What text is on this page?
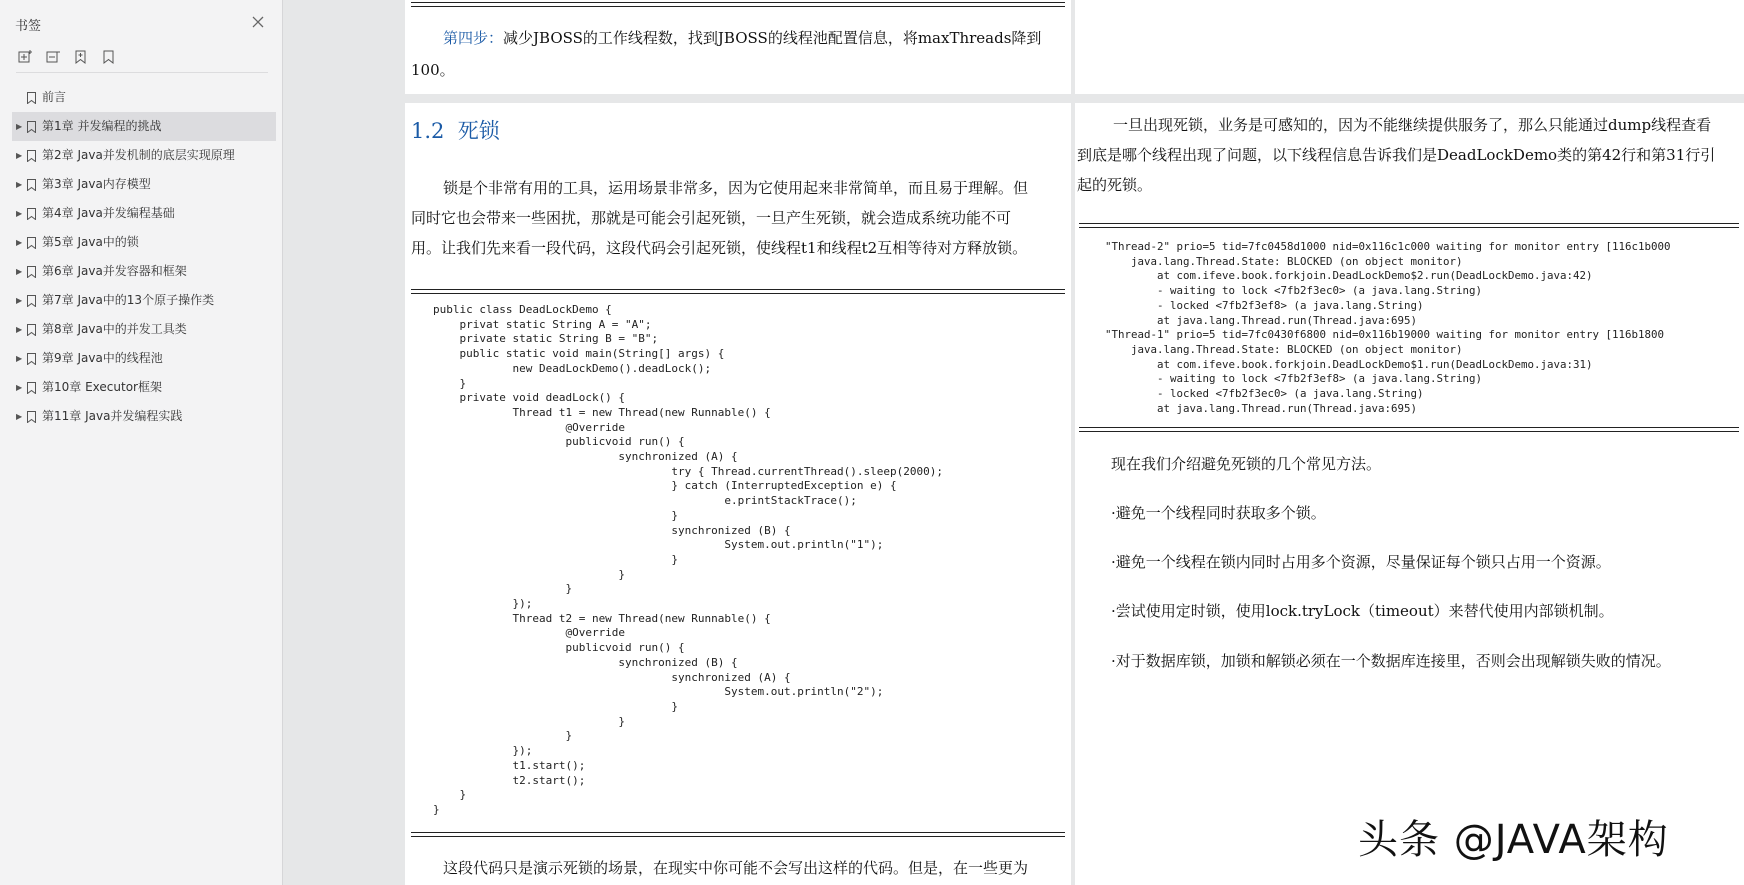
书签
前言
▶ 第1章 并发编程的挑战
▶ 第2章 Java并发机制的底层实现原理
▶ 第3章 Java内存模型
▶ 第4章 Java并发编程基础
▶ 第5章 Java中的锁
▶ 第6章 Java并发容器和框架
▶ 第7章 Java中的13个原子操作类
▶ 第8章 Java中的并发工具类
▶ 第9章 Java中的线程池
▶ 第10章 Executor框架
▶ 第11章 Java并发编程实践
第四步：减少JBOSS的工作线程数，找到JBOSS的线程池配置信息，将maxThreads降到
100。
1.2 死锁
锁是个非常有用的工具，运用场景非常多，因为它使用起来非常简单，而且易于理解。但
同时它也会带来一些困扰，那就是可能会引起死锁，一旦产生死锁，就会造成系统功能不可
用。让我们先来看一段代码，这段代码会引起死锁，使线程t1和线程t2互相等待对方释放锁。
public class DeadLockDemo {
privat static String A = "A";
private static String B = "B";
public static void main(String[] args) {
new DeadLockDemo().deadLock();
}
private void deadLock() {
Thread t1 = new Thread(new Runnable() {
@Override
publicvoid run() {
synchronized (A) {
try { Thread.currentThread().sleep(2000);
} catch (InterruptedException e) {
e.printStackTrace();
}
synchronized (B) {
System.out.println("1");
}
}
}
});
Thread t2 = new Thread(new Runnable() {
@Override
publicvoid run() {
synchronized (B) {
synchronized (A) {
System.out.println("2");
}
}
}
});
t1.start();
t2.start();
}
}
这段代码只是演示死锁的场景，在现实中你可能不会写出这样的代码。但是，在一些更为
一旦出现死锁，业务是可感知的，因为不能继续提供服务了，那么只能通过dump线程查看
到底是哪个线程出现了问题，以下线程信息告诉我们是DeadLockDemo类的第42行和第31行引
起的死锁。
"Thread-2" prio=5 tid=7fc0458d1000 nid=0x116c1c000 waiting for monitor entry [116c1b000
java.lang.Thread.State: BLOCKED (on object monitor)
at com.ifeve.book.forkjoin.DeadLockDemo$2.run(DeadLockDemo.java:42)
- waiting to lock <7fb2f3ec0> (a java.lang.String)
- locked <7fb2f3ef8> (a java.lang.String)
at java.lang.Thread.run(Thread.java:695)
"Thread-1" prio=5 tid=7fc0430f6800 nid=0x116b19000 waiting for monitor entry [116b1800
java.lang.Thread.State: BLOCKED (on object monitor)
at com.ifeve.book.forkjoin.DeadLockDemo$1.run(DeadLockDemo.java:31)
- waiting to lock <7fb2f3ef8> (a java.lang.String)
- locked <7fb2f3ec0> (a java.lang.String)
at java.lang.Thread.run(Thread.java:695)
现在我们介绍避免死锁的几个常见方法。
·避免一个线程同时获取多个锁。
·避免一个线程在锁内同时占用多个资源，尽量保证每个锁只占用一个资源。
·尝试使用定时锁，使用lock.tryLock（timeout）来替代使用内部锁机制。
·对于数据库锁，加锁和解锁必须在一个数据库连接里，否则会出现解锁失败的情况。
头条 @JAVA架构
